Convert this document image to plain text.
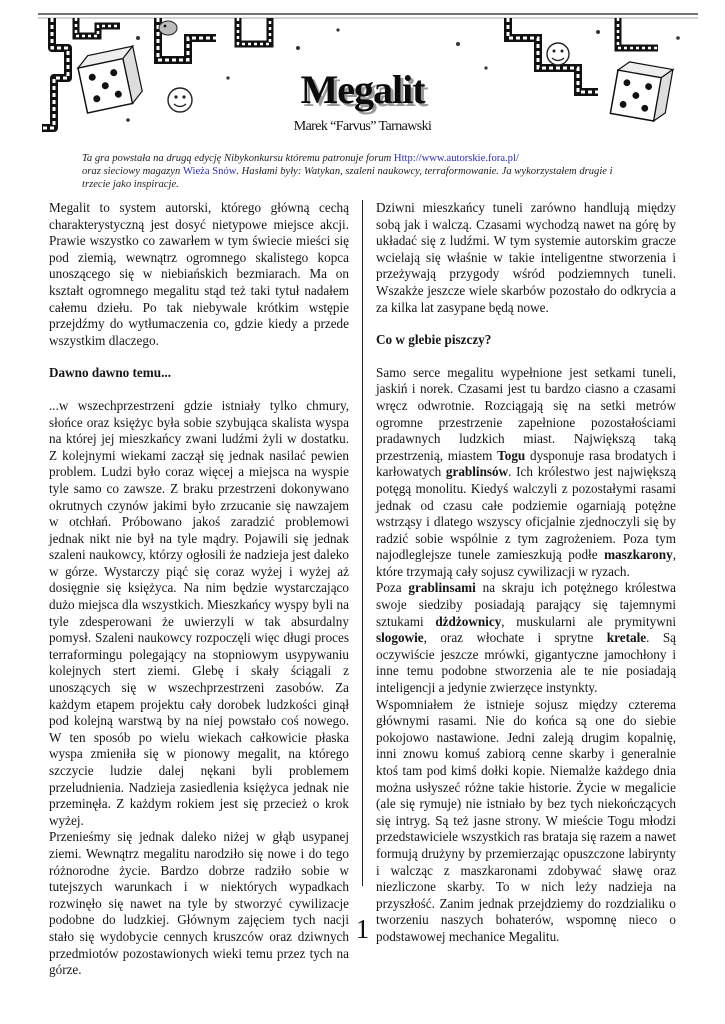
Megalit
Marek “Farvus” Tarnawski
Ta gra powstała na drugą edycję Nibykonkursu któremu patronuje forum Http://www.autorskie.fora.pl/
oraz sieciowy magazyn Wieża Snów. Hasłami były: Watykan, szaleni naukowcy, terraformowanie. Ja wykorzystałem drugie i trzecie jako inspiracje.

Megalit to system autorski, którego główną cechą charakterystyczną jest dosyć nietypowe miejsce akcji. Prawie wszystko co zawarłem w tym świecie mieści się pod ziemią, wewnątrz ogromnego skalistego kopca unoszącego się w niebiańskich bezmiarach. Ma on kształt ogromnego megalitu stąd też taki tytuł nadałem całemu dziełu. Po tak niebywale krótkim wstępie przejdźmy do wytłumaczenia co, gdzie kiedy a przede wszystkim dlaczego.

Dawno dawno temu...

...w wszechprzestrzeni gdzie istniały tylko chmury, słońce oraz księżyc była sobie szybująca skalista wyspa na której jej mieszkańcy zwani ludźmi żyli w dostatku. Z kolejnymi wiekami zaczął się jednak nasilać pewien problem. Ludzi było coraz więcej a miejsca na wyspie tyle samo co zawsze. Z braku przestrzeni dokonywano okrutnych czynów jakimi było zrzucanie się nawzajem w otchłań. Próbowano jakoś zaradzić problemowi jednak nikt nie był na tyle mądry. Pojawili się jednak szaleni naukowcy, którzy ogłosili że nadzieja jest daleko w górze. Wystarczy piąć się coraz wyżej i wyżej aż dosięgnie się księżyca. Na nim będzie wystarczająco dużo miejsca dla wszystkich. Mieszkańcy wyspy byli na tyle zdesperowani że uwierzyli w tak absurdalny pomysł. Szaleni naukowcy rozpoczęli więc długi proces terraformingu polegający na stopniowym usypywaniu kolejnych stert ziemi. Glebę i skały ściągali z unoszących się w wszechprzestrzeni zasobów. Za każdym etapem projektu cały dorobek ludzkości ginął pod kolejną warstwą by na niej powstało coś nowego. W ten sposób po wielu wiekach całkowicie płaska wyspa zmieniła się w pionowy megalit, na którego szczycie ludzie dalej nękani byli problemem przeludnienia. Nadzieja zasiedlenia księżyca jednak nie przeminęła. Z każdym rokiem jest się przecież o krok wyżej.

Przenieśmy się jednak daleko niżej w głąb usypanej ziemi. Wewnątrz megalitu narodziło się nowe i do tego różnorodne życie. Bardzo dobrze radziło sobie w tutejszych warunkach i w niektórych wypadkach rozwinęło się nawet na tyle by stworzyć cywilizacje podobne do ludzkiej. Głównym zajęciem tych nacji stało się wydobycie cennych kruszców oraz dziwnych przedmiotów pozostawionych wieki temu przez tych na górze.

Dziwni mieszkańcy tuneli zarówno handlują między sobą jak i walczą. Czasami wychodzą nawet na górę by układać się z ludźmi. W tym systemie autorskim gracze wcielają się właśnie w takie inteligentne stworzenia i przeżywają przygody wśród podziemnych tuneli. Wszakże jeszcze wiele skarbów pozostało do odkrycia a za kilka lat zasypane będą nowe.

Co w glebie piszczy?

Samo serce megalitu wypełnione jest setkami tuneli, jaskiń i norek. Czasami jest tu bardzo ciasno a czasami wręcz odwrotnie. Rozciągają się na setki metrów ogromne przestrzenie zapełnione pozostałościami pradawnych ludzkich miast. Największą taką przestrzenią, miastem Togu dysponuje rasa brodatych i karłowatych grablinsów. Ich królestwo jest największą potęgą monolitu. Kiedyś walczyli z pozostałymi rasami jednak od czasu całe podziemie ogarniają potężne wstrząsy i dlatego wszyscy oficjalnie zjednoczyli się by radzić sobie wspólnie z tym zagrożeniem. Poza tym najodleglejsze tunele zamieszkują podłe maszkarony, które trzymają cały sojusz cywilizacji w ryzach.

Poza grablinsami na skraju ich potężnego królestwa swoje siedziby posiadają parający się tajemnymi sztukami dżdżownicy, muskularni ale prymitywni slogowie, oraz włochate i sprytne kretale. Są oczywiście jeszcze mrówki, gigantyczne jamochłony i inne temu podobne stworzenia ale te nie posiadają inteligencji a jedynie zwierzęce instynkty.

Wspomniałem że istnieje sojusz między czterema głównymi rasami. Nie do końca są one do siebie pokojowo nastawione. Jedni zaleją drugim kopalnię, inni znowu komuś zabiorą cenne skarby i generalnie ktoś tam pod kimś dołki kopie. Niemalże każdego dnia można usłyszeć różne takie historie. Życie w megalicie (ale się rymuje) nie istniało by bez tych niekończących się intryg. Są też jasne strony. W mieście Togu młodzi przedstawiciele wszystkich ras brataja się razem a nawet formują drużyny by przemierzając opuszczone labirynty i walcząc z maszkaronami zdobywać sławę oraz niezliczone skarby. To w nich leży nadzieja na przyszłość. Zanim jednak przejdziemy do rozdzialiku o tworzeniu naszych bohaterów, wspomnę nieco o podstawowej mechanice Megalitu.

1
